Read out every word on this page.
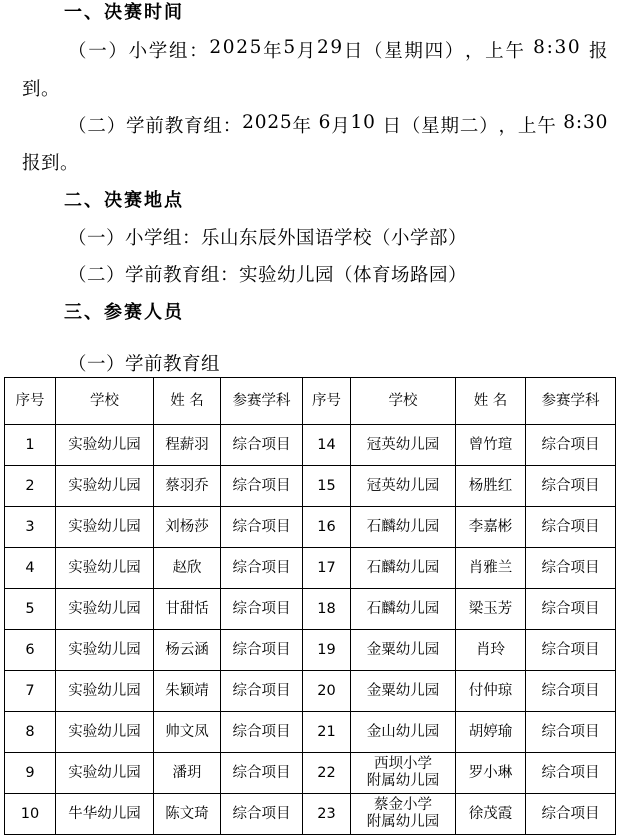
一、决赛时间
（ 一 ） 小 学 组 ： 2 0 2 5 年 5 月 2 9 日 （ 星 期 四 ） ， 上 午
8 : 3 0
报
到。
（ 二 ） 学 前 教 育 组 ： 2 0 2 5 年
6 月 1 0
日 （ 星 期 二 ） ， 上 午
8 : 3 0
报到。
二、决赛地点
（一）小学组：乐山东辰外国语学校（小学部）
（二）学前教育组：实验幼儿园（体育场路园）
三、参赛人员
（一）学前教育组
序号	学校	姓 名	参赛学科	序号	学校	姓 名	参赛学科
1	实验幼儿园	程薪羽	综合项目	14	冠英幼儿园	曾竹瑄	综合项目
2	实验幼儿园	蔡羽乔	综合项目	15	冠英幼儿园	杨胜红	综合项目
3	实验幼儿园	刘杨莎	综合项目	16	石麟幼儿园	李嘉彬	综合项目
4	实验幼儿园	赵欣	综合项目	17	石麟幼儿园	肖雅兰	综合项目
5	实验幼儿园	甘甜恬	综合项目	18	石麟幼儿园	梁玉芳	综合项目
6	实验幼儿园	杨云涵	综合项目	19	金粟幼儿园	肖玲	综合项目
7	实验幼儿园	朱颖靖	综合项目	20	金粟幼儿园	付仲琼	综合项目
8	实验幼儿园	帅文凤	综合项目	21	金山幼儿园	胡婷瑜	综合项目
9	实验幼儿园	潘玥	综合项目	22	西坝小学
附属幼儿园	罗小琳	综合项目
10	牛华幼儿园	陈文琦	综合项目	23	蔡金小学
附属幼儿园	徐茂霞	综合项目
